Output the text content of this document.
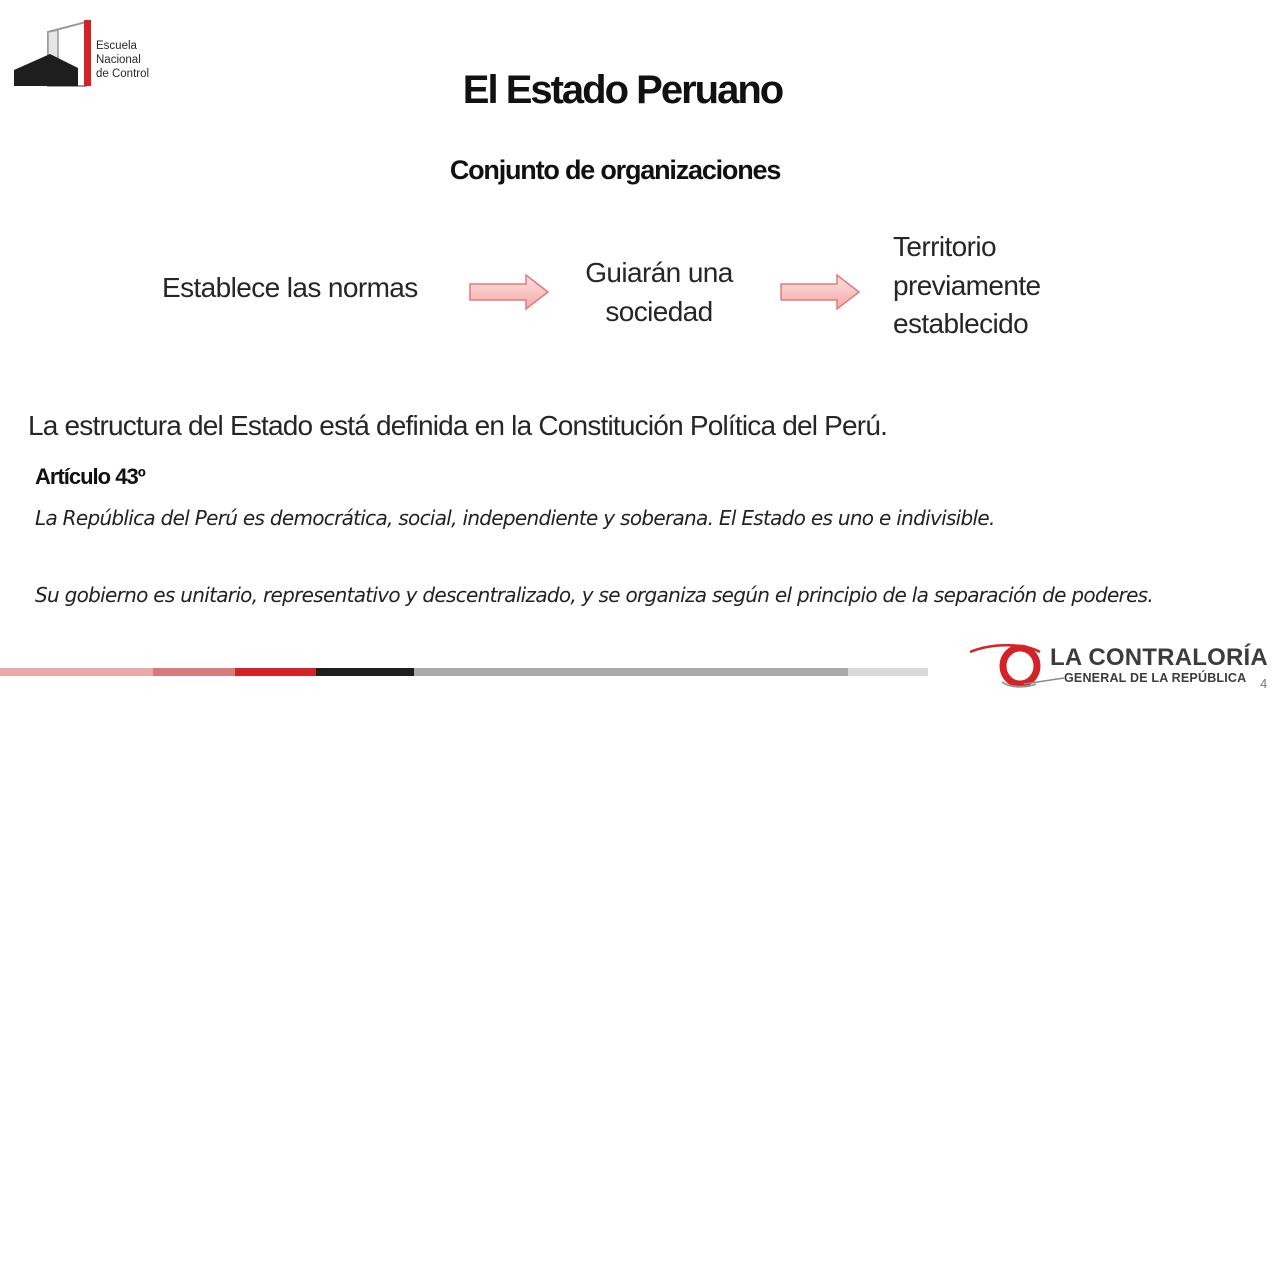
Escuela
Nacional
de Control	El Estado Peruano
Conjunto de organizaciones
Establece las normas	Guiarán una
sociedad
Territorio
previamente
establecido
La estructura del Estado está definida en la Constitución Política del Perú.
Artículo 43º
La República del Perú es democrática, social, independiente y soberana. El Estado es uno e indivisible.
Su gobierno es unitario, representativo y descentralizado, y se organiza según el principio de la separación de poderes.
LA CONTRALORÍA
GENERAL DE LA REPÚBLICA 4
